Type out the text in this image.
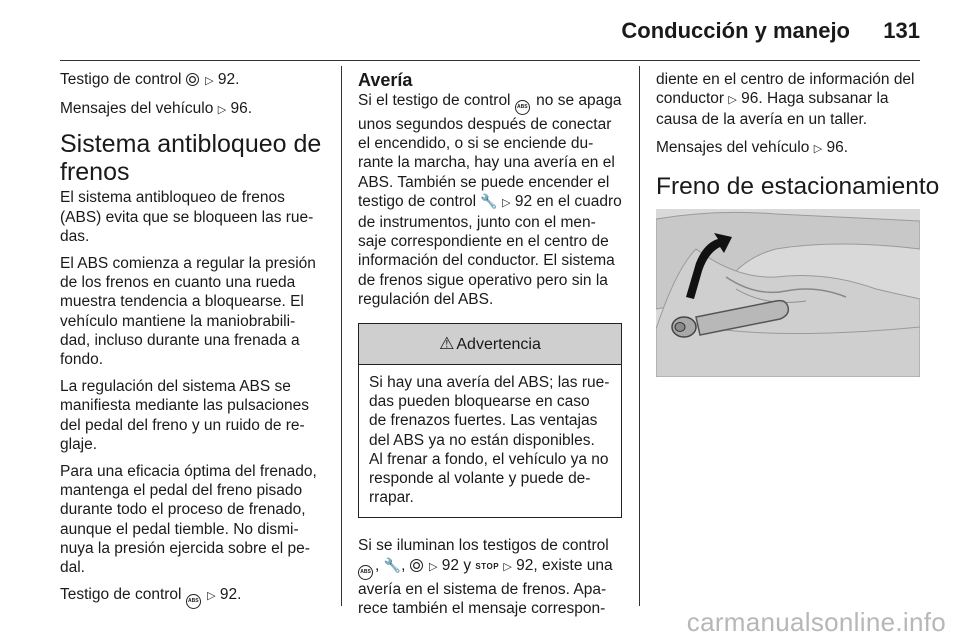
Conducción y manejo 131

Testigo de control ▷ 92.

Mensajes del vehículo ▷ 96.

Sistema antibloqueo de frenos

El sistema antibloqueo de frenos
(ABS) evita que se bloqueen las rue-
das.

El ABS comienza a regular la presión
de los frenos en cuanto una rueda
muestra tendencia a bloquearse. El
vehículo mantiene la maniobrabili-
dad, incluso durante una frenada a
fondo.

La regulación del sistema ABS se
manifiesta mediante las pulsaciones
del pedal del freno y un ruido de re-
glaje.

Para una eficacia óptima del frenado,
mantenga el pedal del freno pisado
durante todo el proceso de frenado,
aunque el pedal tiemble. No dismi-
nuya la presión ejercida sobre el pe-
dal.

Testigo de control ABS ▷ 92.

Avería

Si el testigo de control ABS no se apaga
unos segundos después de conectar
el encendido, o si se enciende du-
rante la marcha, hay una avería en el
ABS. También se puede encender el
testigo de control 🔧 ▷ 92 en el cuadro
de instrumentos, junto con el men-
saje correspondiente en el centro de
información del conductor. El sistema
de frenos sigue operativo pero sin la
regulación del ABS.

⚠ Advertencia
Si hay una avería del ABS; las rue-
das pueden bloquearse en caso
de frenazos fuertes. Las ventajas
del ABS ya no están disponibles.
Al frenar a fondo, el vehículo ya no
responde al volante y puede de-
rrapar.

Si se iluminan los testigos de control
ABS , 🔧,  ▷ 92 y STOP ▷ 92, existe una
avería en el sistema de frenos. Apa-
rece también el mensaje correspon-

diente en el centro de información del
conductor ▷ 96. Haga subsanar la
causa de la avería en un taller.

Mensajes del vehículo ▷ 96.

Freno de estacionamiento
carmanualsonline.info
